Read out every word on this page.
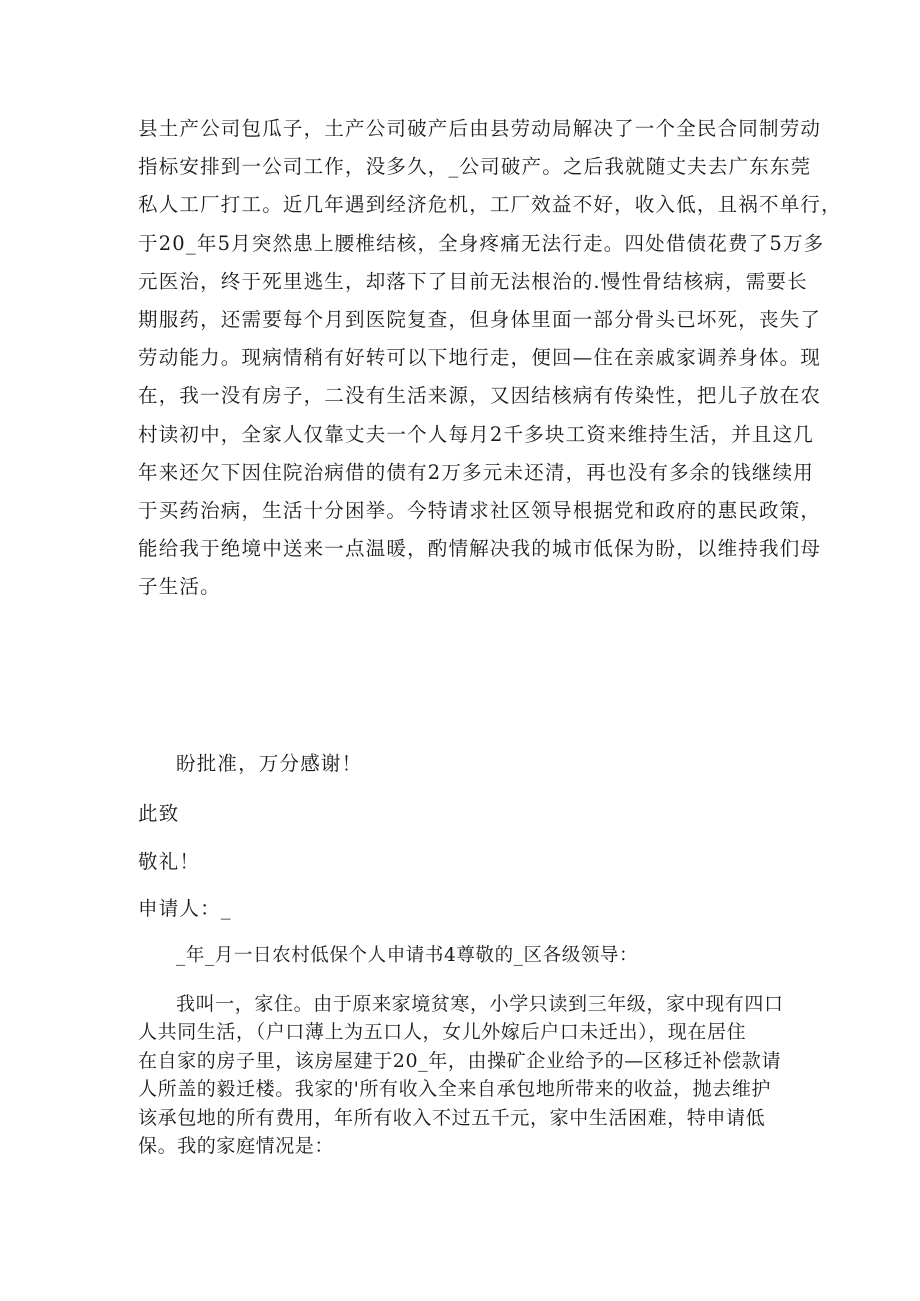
县土产公司包瓜子，土产公司破产后由县劳动局解决了一个全民合同制劳动

指标安排到一公司工作，没多久，_公司破产。之后我就随丈夫去广东东莞

私人工厂打工。近几年遇到经济危机，工厂效益不好，收入低，且祸不单行，

于20_年5月突然患上腰椎结核，全身疼痛无法行走。四处借债花费了5万多

元医治，终于死里逃生，却落下了目前无法根治的.慢性骨结核病，需要长

期服药，还需要每个月到医院复查，但身体里面一部分骨头已坏死，丧失了

劳动能力。现病情稍有好转可以下地行走，便回—住在亲戚家调养身体。现

在，我一没有房子，二没有生活来源，又因结核病有传染性，把儿子放在农

村读初中，全家人仅靠丈夫一个人每月2千多块工资来维持生活，并且这几

年来还欠下因住院治病借的债有2万多元未还清，再也没有多余的钱继续用

于买药治病，生活十分困挙。今特请求社区领导根据党和政府的惠民政策，

能给我于绝境中送来一点温暖，酌情解决我的城市低保为盼，以维持我们母

子生活。

盼批准，万分感谢！
此致
敬礼！
申请人：_
_年_月一日农村低保个人申请书4尊敬的_区各级领导：

我叫一，家住。由于原来家境贫寒，小学只读到三年级，家中现有四口

人共同生活，（户口薄上为五口人，女儿外嫁后户口未迁出），现在居住

在自家的房子里，该房屋建于20_年，由操矿企业给予的—区移迁补偿款请

人所盖的毅迁楼。我家的'所有收入全来自承包地所带来的收益，抛去维护

该承包地的所有费用，年所有收入不过五千元，家中生活困难，特申请低

保。我的家庭情况是：
